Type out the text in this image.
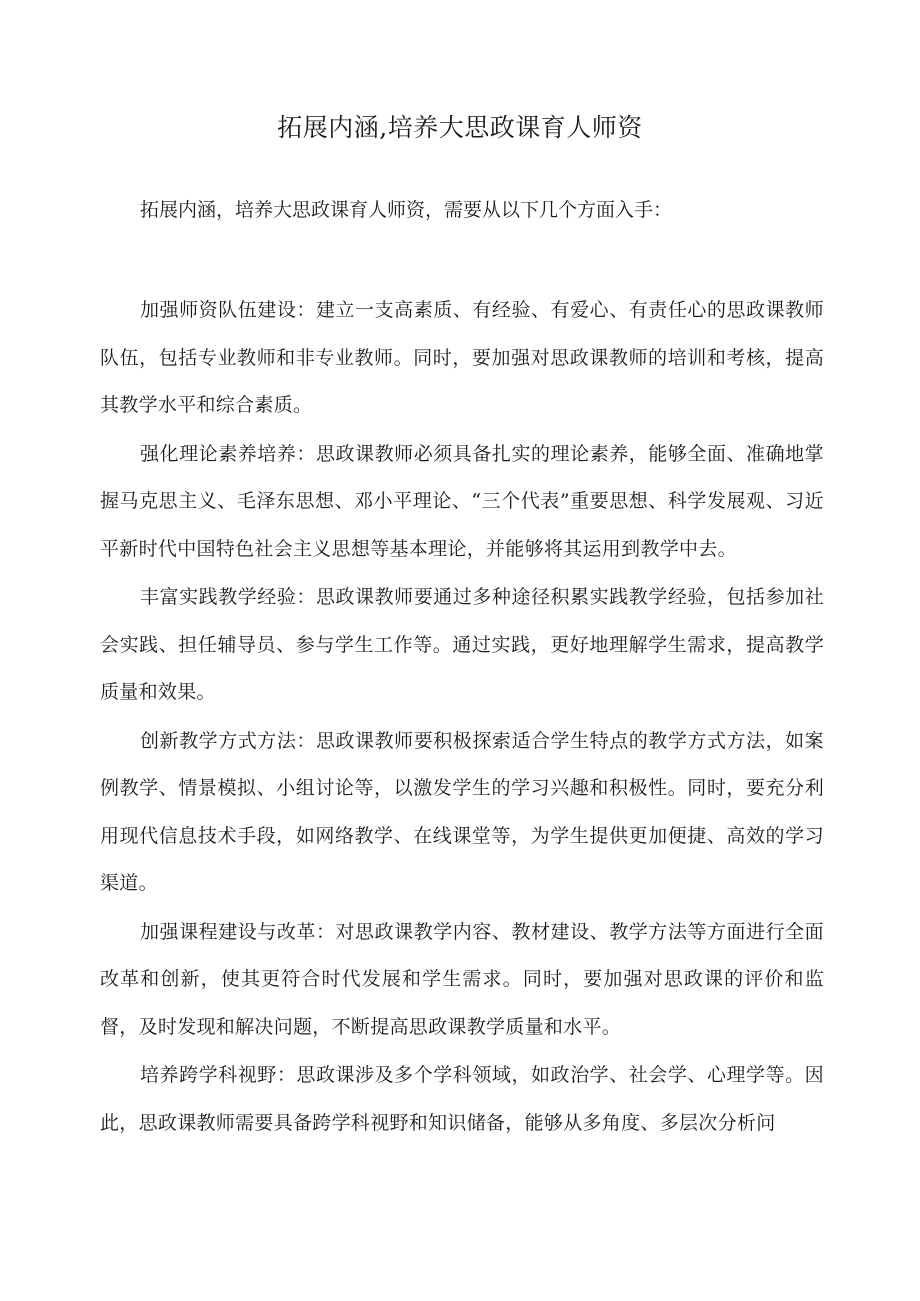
拓展内涵,培养大思政课育人师资

拓展内涵，培养大思政课育人师资，需要从以下几个方面入手：

加强师资队伍建设：建立一支高素质、有经验、有爱心、有责任心的思政课教师队伍，包括专业教师和非专业教师。同时，要加强对思政课教师的培训和考核，提高其教学水平和综合素质。

强化理论素养培养：思政课教师必须具备扎实的理论素养，能够全面、准确地掌握马克思主义、毛泽东思想、邓小平理论、“三个代表”重要思想、科学发展观、习近平新时代中国特色社会主义思想等基本理论，并能够将其运用到教学中去。

丰富实践教学经验：思政课教师要通过多种途径积累实践教学经验，包括参加社会实践、担任辅导员、参与学生工作等。通过实践，更好地理解学生需求，提高教学质量和效果。

创新教学方式方法：思政课教师要积极探索适合学生特点的教学方式方法，如案例教学、情景模拟、小组讨论等，以激发学生的学习兴趣和积极性。同时，要充分利用现代信息技术手段，如网络教学、在线课堂等，为学生提供更加便捷、高效的学习渠道。

加强课程建设与改革：对思政课教学内容、教材建设、教学方法等方面进行全面改革和创新，使其更符合时代发展和学生需求。同时，要加强对思政课的评价和监督，及时发现和解决问题，不断提高思政课教学质量和水平。

培养跨学科视野：思政课涉及多个学科领域，如政治学、社会学、心理学等。因此，思政课教师需要具备跨学科视野和知识储备，能够从多角度、多层次分析问
